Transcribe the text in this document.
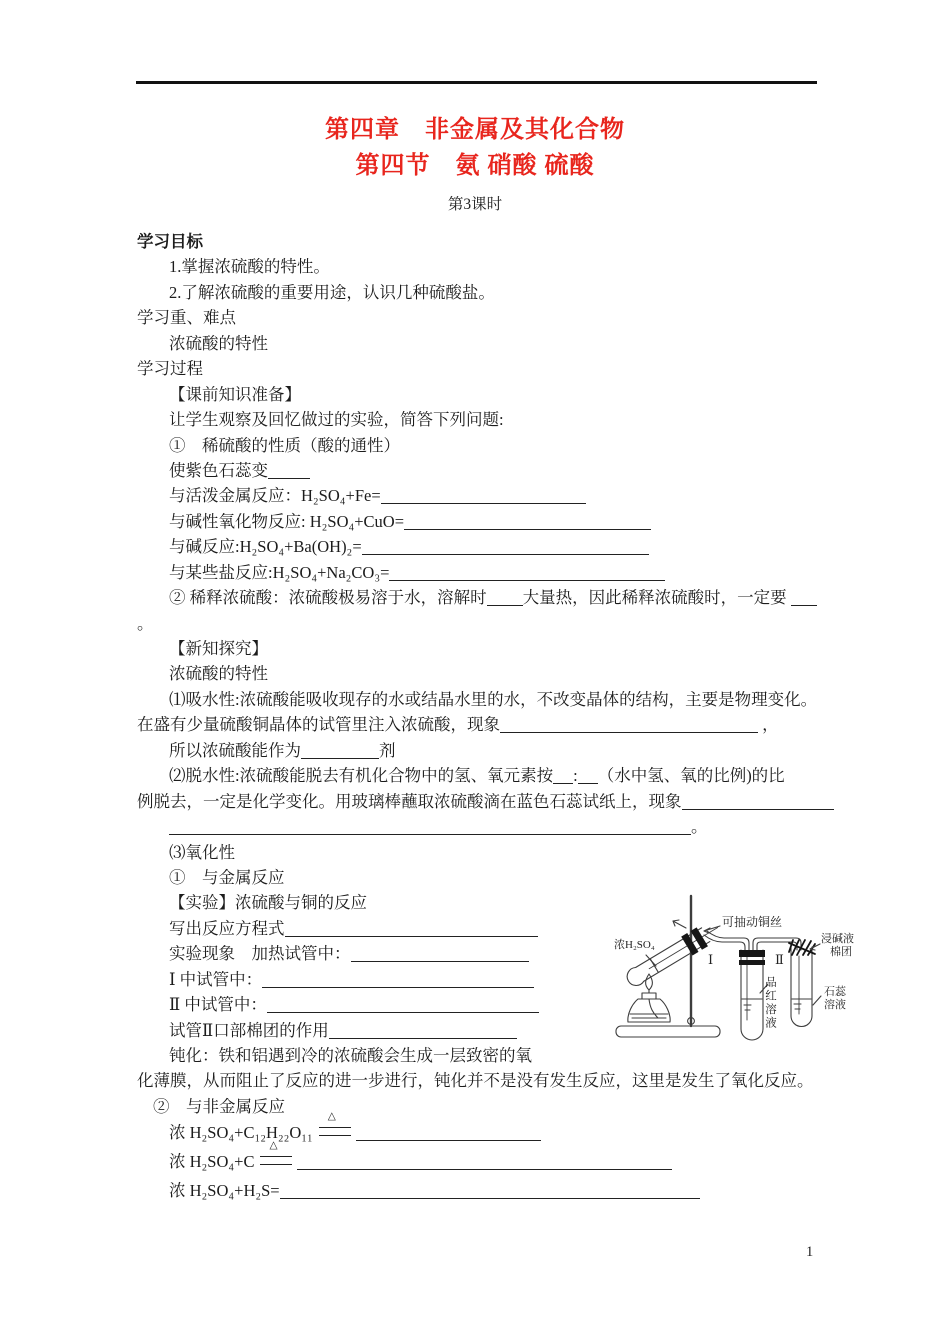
第四章　非金属及其化合物
第四节　氨 硝酸 硫酸
第3课时
学习目标
1.掌握浓硫酸的特性。
2.了解浓硫酸的重要用途，认识几种硫酸盐。
学习重、难点
浓硫酸的特性
学习过程
【课前知识准备】
让学生观察及回忆做过的实验，简答下列问题:
①　稀硫酸的性质（酸的通性）
使紫色石蕊变
与活泼金属反应：H₂SO₄+Fe=
与碱性氧化物反应: H₂SO₄+CuO=
与碱反应:H₂SO₄+Ba(OH)₂=
与某些盐反应:H₂SO₄+Na₂CO₃=
② 稀释浓硫酸：浓硫酸极易溶于水，溶解时 大量热，因此稀释浓硫酸时，一定要
。
【新知探究】
浓硫酸的特性
⑴吸水性:浓硫酸能吸收现存的水或结晶水里的水，不改变晶体的结构，主要是物理变化。
在盛有少量硫酸铜晶体的试管里注入浓硫酸，现象	，
所以浓硫酸能作为	剂
⑵脱水性:浓硫酸能脱去有机化合物中的氢、氧元素按 : （水中氢、氧的比例)的比
例脱去，一定是化学变化。用玻璃棒蘸取浓硫酸滴在蓝色石蕊试纸上，现象
。
⑶氧化性
①　与金属反应
【实验】浓硫酸与铜的反应
写出反应方程式
实验现象　加热试管中：
Ⅰ 中试管中：
Ⅱ 中试管中：
试管Ⅱ口部棉团的作用
钝化：铁和铝遇到冷的浓硫酸会生成一层致密的氧
化薄膜，从而阻止了反应的进一步进行，钝化并不是没有发生反应，这里是发生了氧化反应。
②　与非金属反应
浓 H₂SO₄+C₁₂H₂₂O₁₁
△
浓 H₂SO₄+C
△
浓 H₂SO₄+H₂S=
浓H₂SO₄
可抽动铜丝
Ⅰ	Ⅱ
品红溶液
浸碱液
棉团
石蕊
溶液
1
